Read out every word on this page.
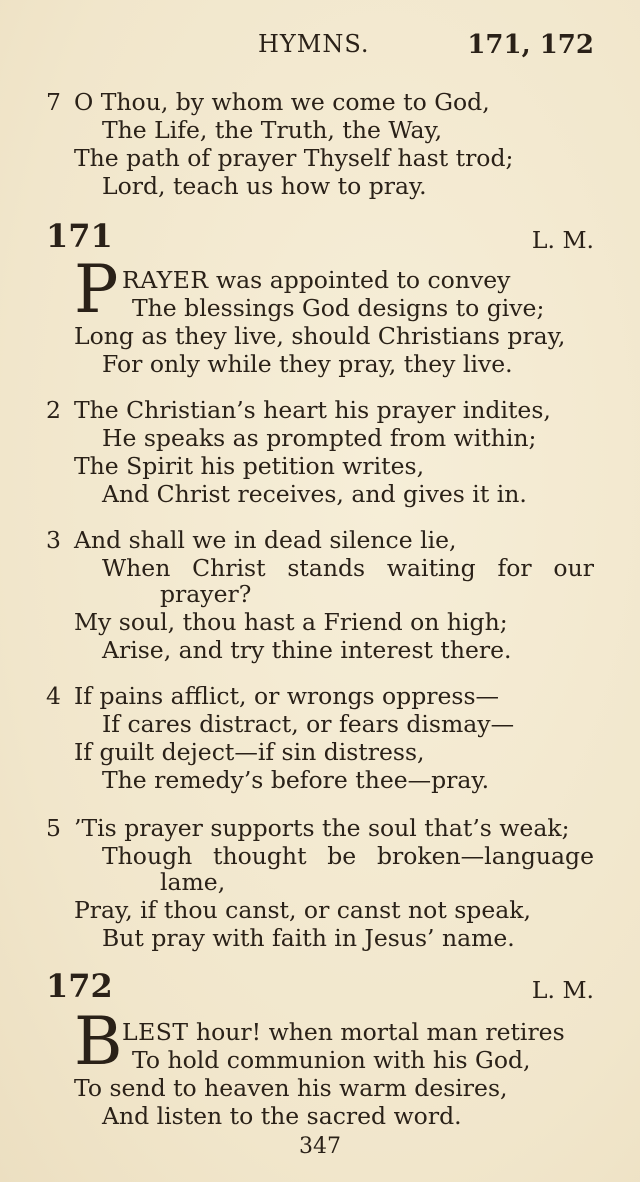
HYMNS.	171, 172
7 O Thou, by whom we come to God,
The Life, the Truth, the Way,
The path of prayer Thyself hast trod;
Lord, teach us how to pray.
171	L. M.
P RAYER was appointed to convey
The blessings God designs to give;
Long as they live, should Christians pray,
For only while they pray, they live.
2 The Christian’s heart his prayer indites,
He speaks as prompted from within;
The Spirit his petition writes,
And Christ receives, and gives it in.
3 And shall we in dead silence lie,
When Christ stands waiting for our
prayer?
My soul, thou hast a Friend on high;
Arise, and try thine interest there.
4 If pains afflict, or wrongs oppress—
If cares distract, or fears dismay—
If guilt deject—if sin distress,
The remedy’s before thee—pray.
5 ’Tis prayer supports the soul that’s weak;
Though thought be broken—language
lame,
Pray, if thou canst, or canst not speak,
But pray with faith in Jesus’ name.
172	L. M.
B LEST hour! when mortal man retires
To hold communion with his God,
To send to heaven his warm desires,
And listen to the sacred word.
347
